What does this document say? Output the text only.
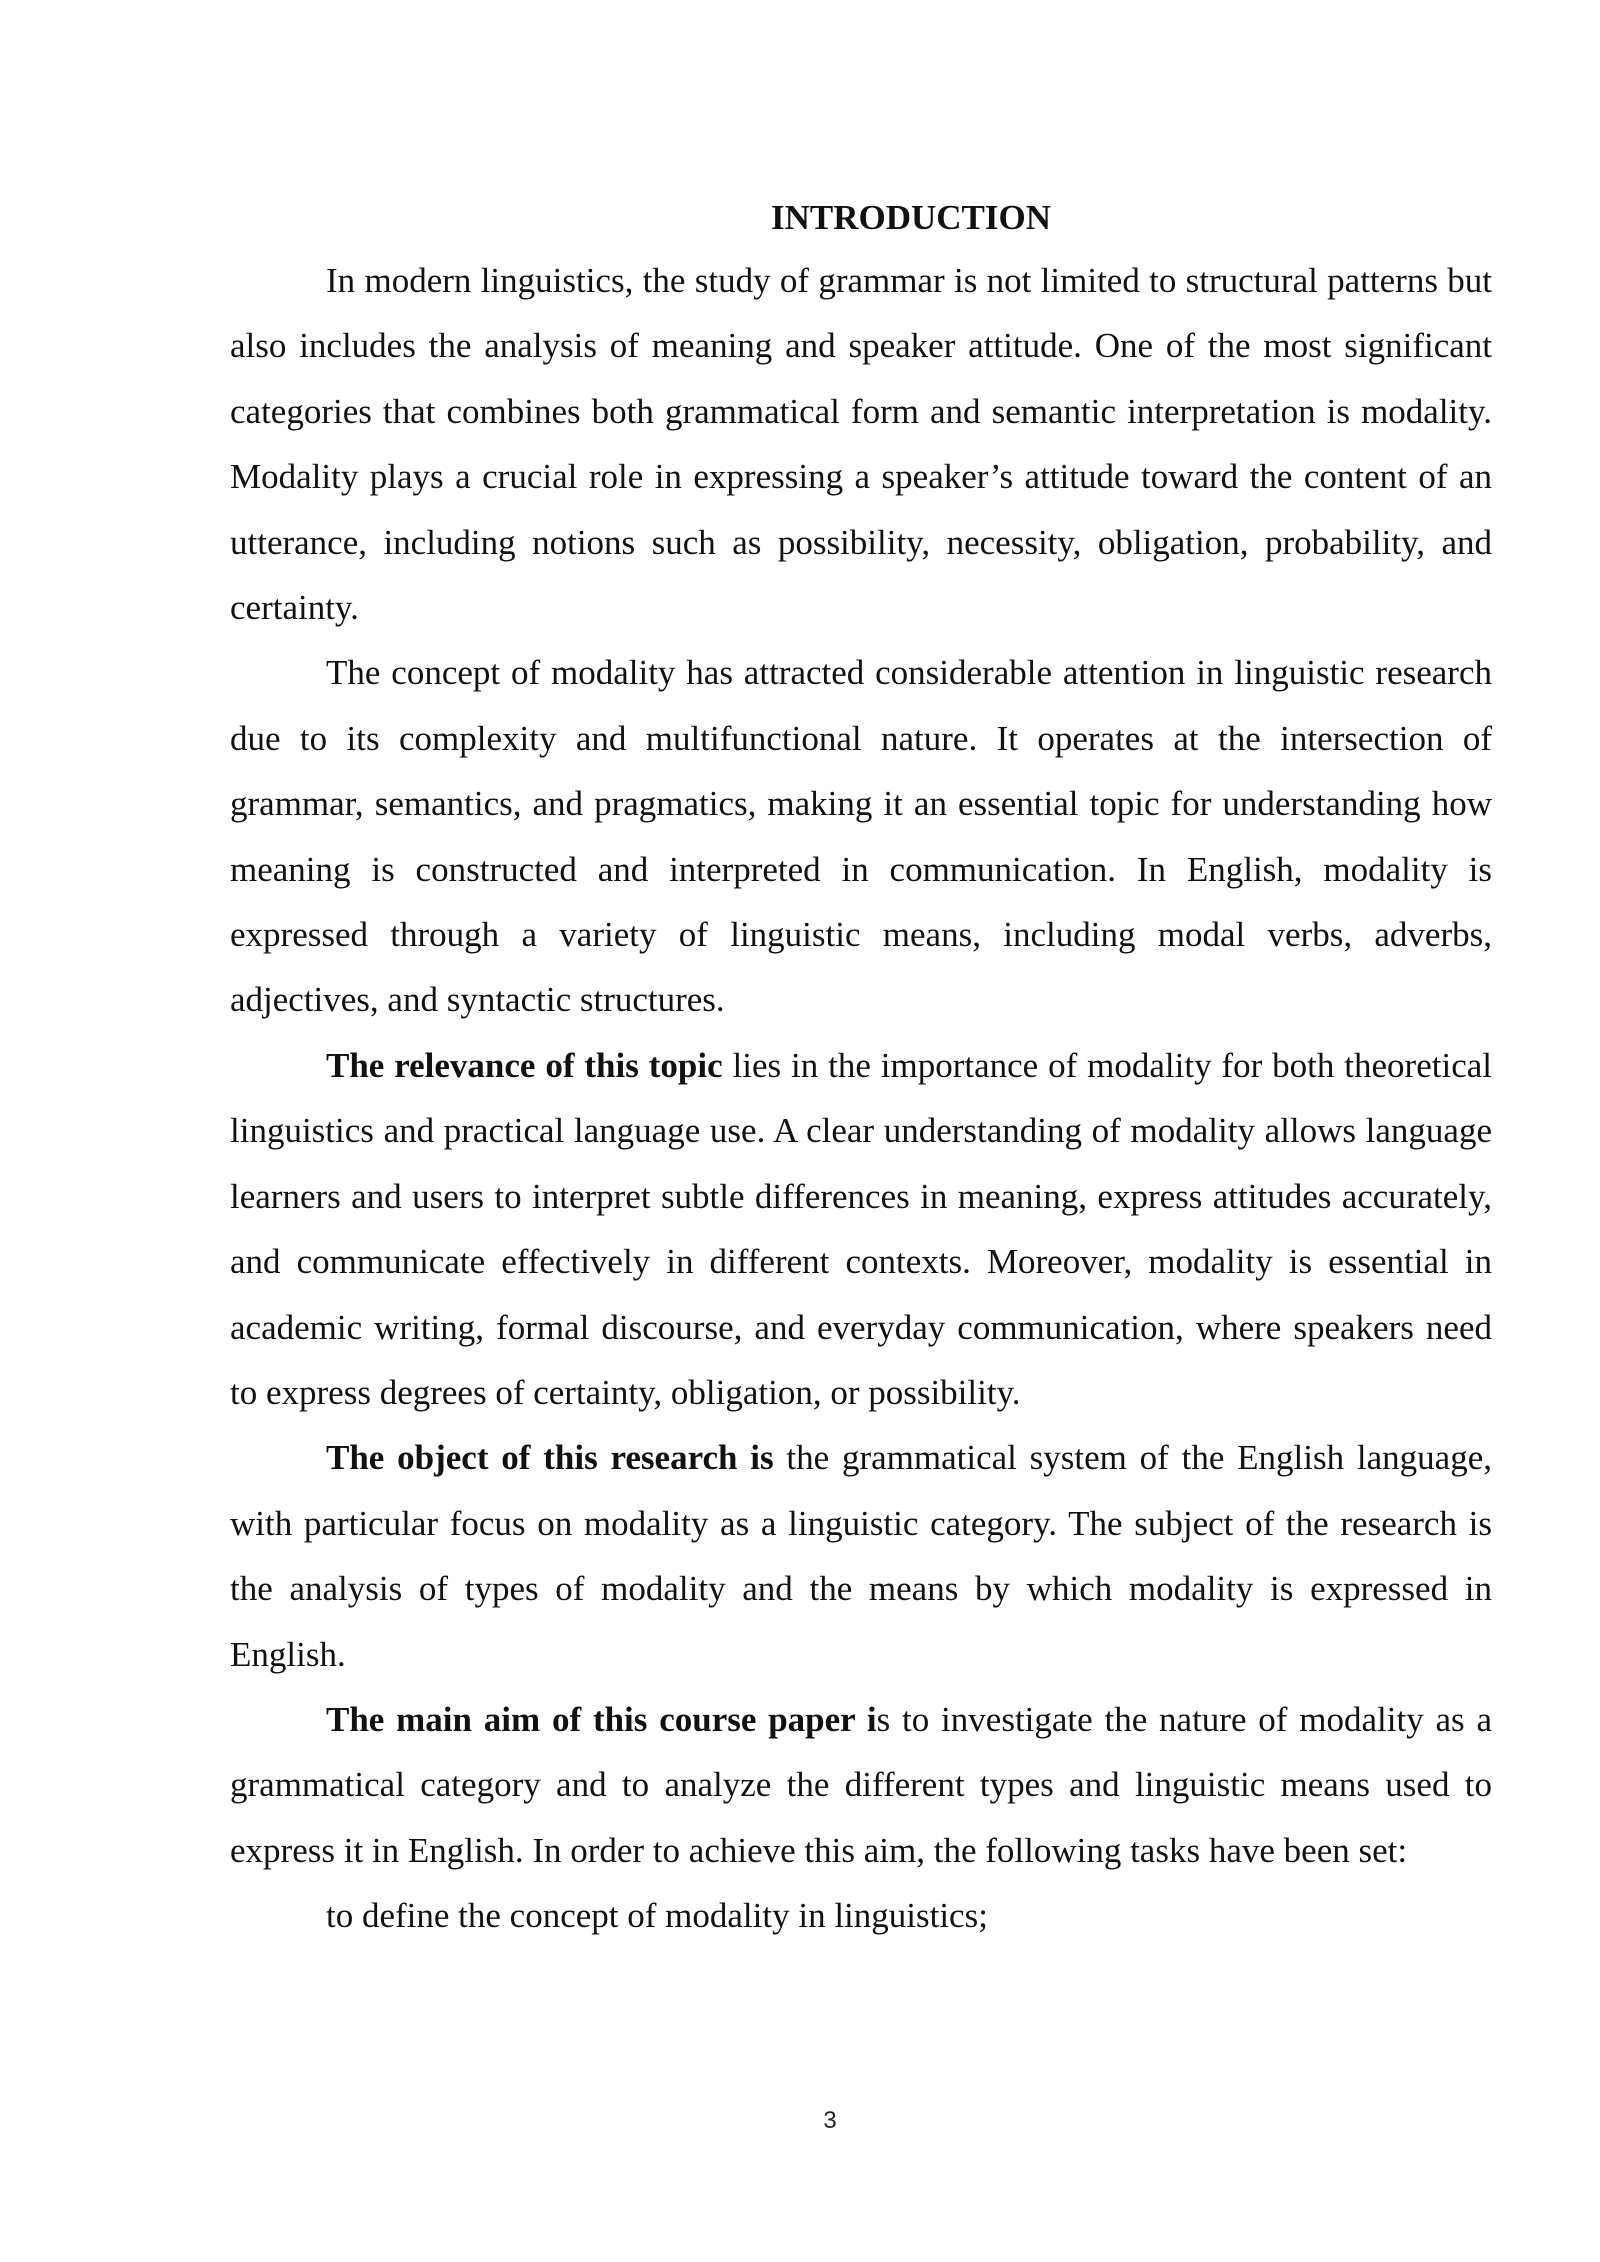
INTRODUCTION

In modern linguistics, the study of grammar is not limited to structural patterns but also includes the analysis of meaning and speaker attitude. One of the most significant categories that combines both grammatical form and semantic interpretation is modality. Modality plays a crucial role in expressing a speaker’s attitude toward the content of an utterance, including notions such as possibility, necessity, obligation, probability, and certainty.

The concept of modality has attracted considerable attention in linguistic research due to its complexity and multifunctional nature. It operates at the intersection of grammar, semantics, and pragmatics, making it an essential topic for understanding how meaning is constructed and interpreted in communication. In English, modality is expressed through a variety of linguistic means, including modal verbs, adverbs, adjectives, and syntactic structures.

The relevance of this topic lies in the importance of modality for both theoretical linguistics and practical language use. A clear understanding of modality allows language learners and users to interpret subtle differences in meaning, express attitudes accurately, and communicate effectively in different contexts. Moreover, modality is essential in academic writing, formal discourse, and everyday communication, where speakers need to express degrees of certainty, obligation, or possibility.

The object of this research is the grammatical system of the English language, with particular focus on modality as a linguistic category. The subject of the research is the analysis of types of modality and the means by which modality is expressed in English.

The main aim of this course paper is to investigate the nature of modality as a grammatical category and to analyze the different types and linguistic means used to express it in English. In order to achieve this aim, the following tasks have been set:

to define the concept of modality in linguistics;

3
